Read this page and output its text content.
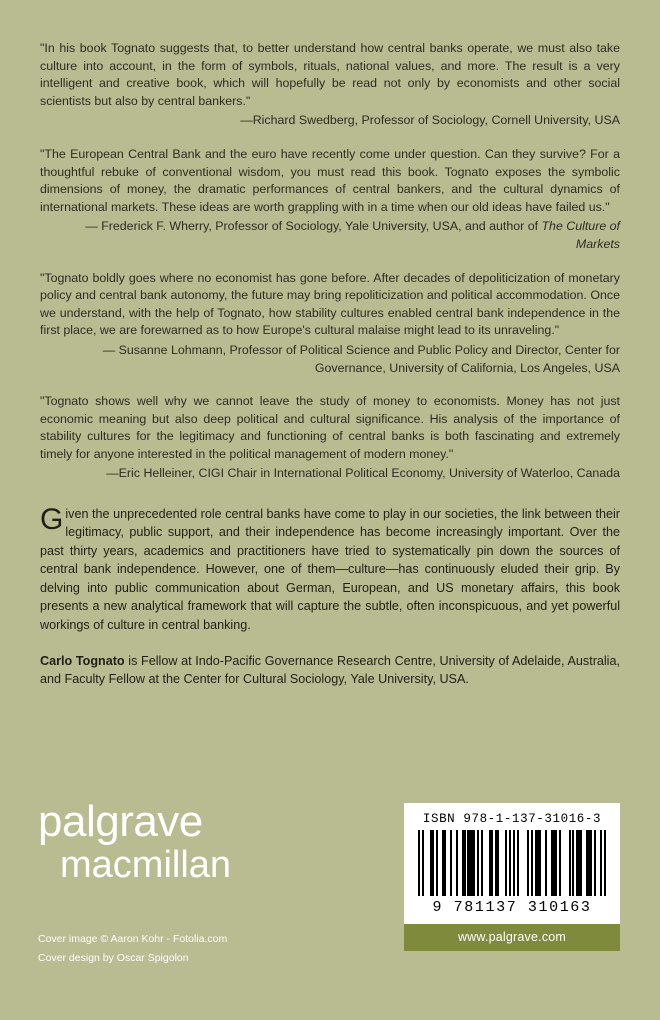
"In his book Tognato suggests that, to better understand how central banks operate, we must also take culture into account, in the form of symbols, rituals, national values, and more. The result is a very intelligent and creative book, which will hopefully be read not only by economists and other social scientists but also by central bankers."
—Richard Swedberg, Professor of Sociology, Cornell University, USA
"The European Central Bank and the euro have recently come under question. Can they survive? For a thoughtful rebuke of conventional wisdom, you must read this book. Tognato exposes the symbolic dimensions of money, the dramatic performances of central bankers, and the cultural dynamics of international markets. These ideas are worth grappling with in a time when our old ideas have failed us."
— Frederick F. Wherry, Professor of Sociology, Yale University, USA, and author of The Culture of Markets
"Tognato boldly goes where no economist has gone before. After decades of depoliticization of monetary policy and central bank autonomy, the future may bring repoliticization and political accommodation. Once we understand, with the help of Tognato, how stability cultures enabled central bank independence in the first place, we are forewarned as to how Europe's cultural malaise might lead to its unraveling."
— Susanne Lohmann, Professor of Political Science and Public Policy and Director, Center for Governance, University of California, Los Angeles, USA
"Tognato shows well why we cannot leave the study of money to economists. Money has not just economic meaning but also deep political and cultural significance. His analysis of the importance of stability cultures for the legitimacy and functioning of central banks is both fascinating and extremely timely for anyone interested in the political management of modern money."
—Eric Helleiner, CIGI Chair in International Political Economy, University of Waterloo, Canada
Given the unprecedented role central banks have come to play in our societies, the link between their legitimacy, public support, and their independence has become increasingly important. Over the past thirty years, academics and practitioners have tried to systematically pin down the sources of central bank independence. However, one of them—culture—has continuously eluded their grip. By delving into public communication about German, European, and US monetary affairs, this book presents a new analytical framework that will capture the subtle, often inconspicuous, and yet powerful workings of culture in central banking.
Carlo Tognato is Fellow at Indo-Pacific Governance Research Centre, University of Adelaide, Australia, and Faculty Fellow at the Center for Cultural Sociology, Yale University, USA.
palgrave
macmillan
Cover image © Aaron Kohr - Fotolia.com
Cover design by Oscar Spigolon
ISBN 978-1-137-31016-3
9 781137 310163
www.palgrave.com
